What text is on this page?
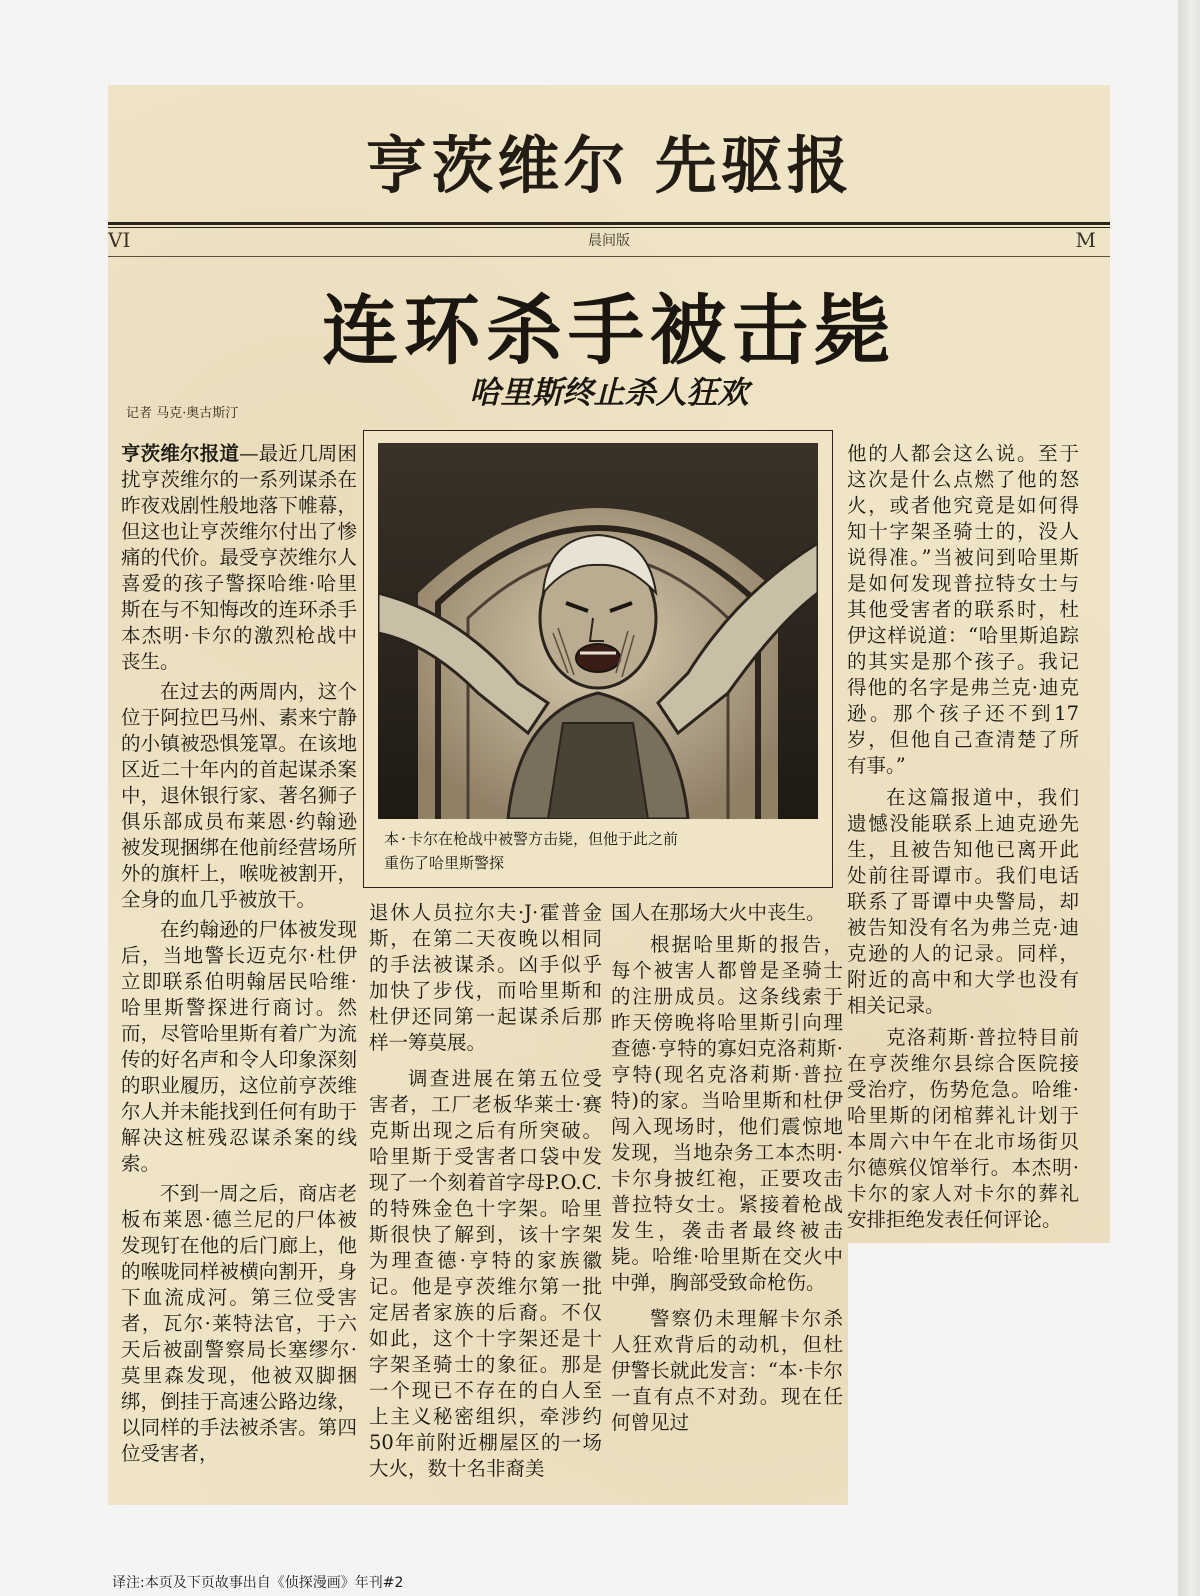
亨茨维尔 先驱报
VI	晨间版	M
连环杀手被击毙
哈里斯终止杀人狂欢
记者 马克·奥古斯汀

亨茨维尔报道—最近几周困扰亨茨维尔的一系列谋杀在昨夜戏剧性般地落下帷幕，但这也让亨茨维尔付出了惨痛的代价。最受亨茨维尔人喜爱的孩子警探哈维·哈里斯在与不知悔改的连环杀手本杰明·卡尔的激烈枪战中丧生。

在过去的两周内，这个位于阿拉巴马州、素来宁静的小镇被恐惧笼罩。在该地区近二十年内的首起谋杀案中，退休银行家、著名狮子俱乐部成员布莱恩·约翰逊被发现捆绑在他前经营场所外的旗杆上，喉咙被割开，全身的血几乎被放干。

在约翰逊的尸体被发现后，当地警长迈克尔·杜伊立即联系伯明翰居民哈维·哈里斯警探进行商讨。然而，尽管哈里斯有着广为流传的好名声和令人印象深刻的职业履历，这位前亨茨维尔人并未能找到任何有助于解决这桩残忍谋杀案的线索。

不到一周之后，商店老板布莱恩·德兰尼的尸体被发现钉在他的后门廊上，他的喉咙同样被横向割开，身下血流成河。第三位受害者，瓦尔·莱特法官，于六天后被副警察局长塞缪尔·莫里森发现，他被双脚捆绑，倒挂于高速公路边缘，以同样的手法被杀害。第四位受害者，

本·卡尔在枪战中被警方击毙，但他于此之前
重伤了哈里斯警探

退休人员拉尔夫·J·霍普金斯，在第二天夜晚以相同的手法被谋杀。凶手似乎加快了步伐，而哈里斯和杜伊还同第一起谋杀后那样一筹莫展。

调查进展在第五位受害者，工厂老板华莱士·赛克斯出现之后有所突破。哈里斯于受害者口袋中发现了一个刻着首字母P.O.C.的特殊金色十字架。哈里斯很快了解到，该十字架为理查德·亨特的家族徽记。他是亨茨维尔第一批定居者家族的后裔。不仅如此，这个十字架还是十字架圣骑士的象征。那是一个现已不存在的白人至上主义秘密组织，牵涉约50年前附近棚屋区的一场大火，数十名非裔美

国人在那场大火中丧生。

根据哈里斯的报告，每个被害人都曾是圣骑士的注册成员。这条线索于昨天傍晚将哈里斯引向理查德·亨特的寡妇克洛莉斯·亨特(现名克洛莉斯·普拉特)的家。当哈里斯和杜伊闯入现场时，他们震惊地发现，当地杂务工本杰明·卡尔身披红袍，正要攻击普拉特女士。紧接着枪战发生，袭击者最终被击毙。哈维·哈里斯在交火中中弹，胸部受致命枪伤。

警察仍未理解卡尔杀人狂欢背后的动机，但杜伊警长就此发言：“本·卡尔一直有点不对劲。现在任何曾见过

他的人都会这么说。至于这次是什么点燃了他的怒火，或者他究竟是如何得知十字架圣骑士的，没人说得准。”当被问到哈里斯是如何发现普拉特女士与其他受害者的联系时，杜伊这样说道：“哈里斯追踪的其实是那个孩子。我记得他的名字是弗兰克·迪克逊。那个孩子还不到17岁，但他自己查清楚了所有事。”

在这篇报道中，我们遗憾没能联系上迪克逊先生，且被告知他已离开此处前往哥谭市。我们电话联系了哥谭中央警局，却被告知没有名为弗兰克·迪克逊的人的记录。同样，附近的高中和大学也没有相关记录。

克洛莉斯·普拉特目前在亨茨维尔县综合医院接受治疗，伤势危急。哈维·哈里斯的闭棺葬礼计划于本周六中午在北市场街贝尔德殡仪馆举行。本杰明·卡尔的家人对卡尔的葬礼安排拒绝发表任何评论。

译注:本页及下页故事出自《侦探漫画》年刊#2
